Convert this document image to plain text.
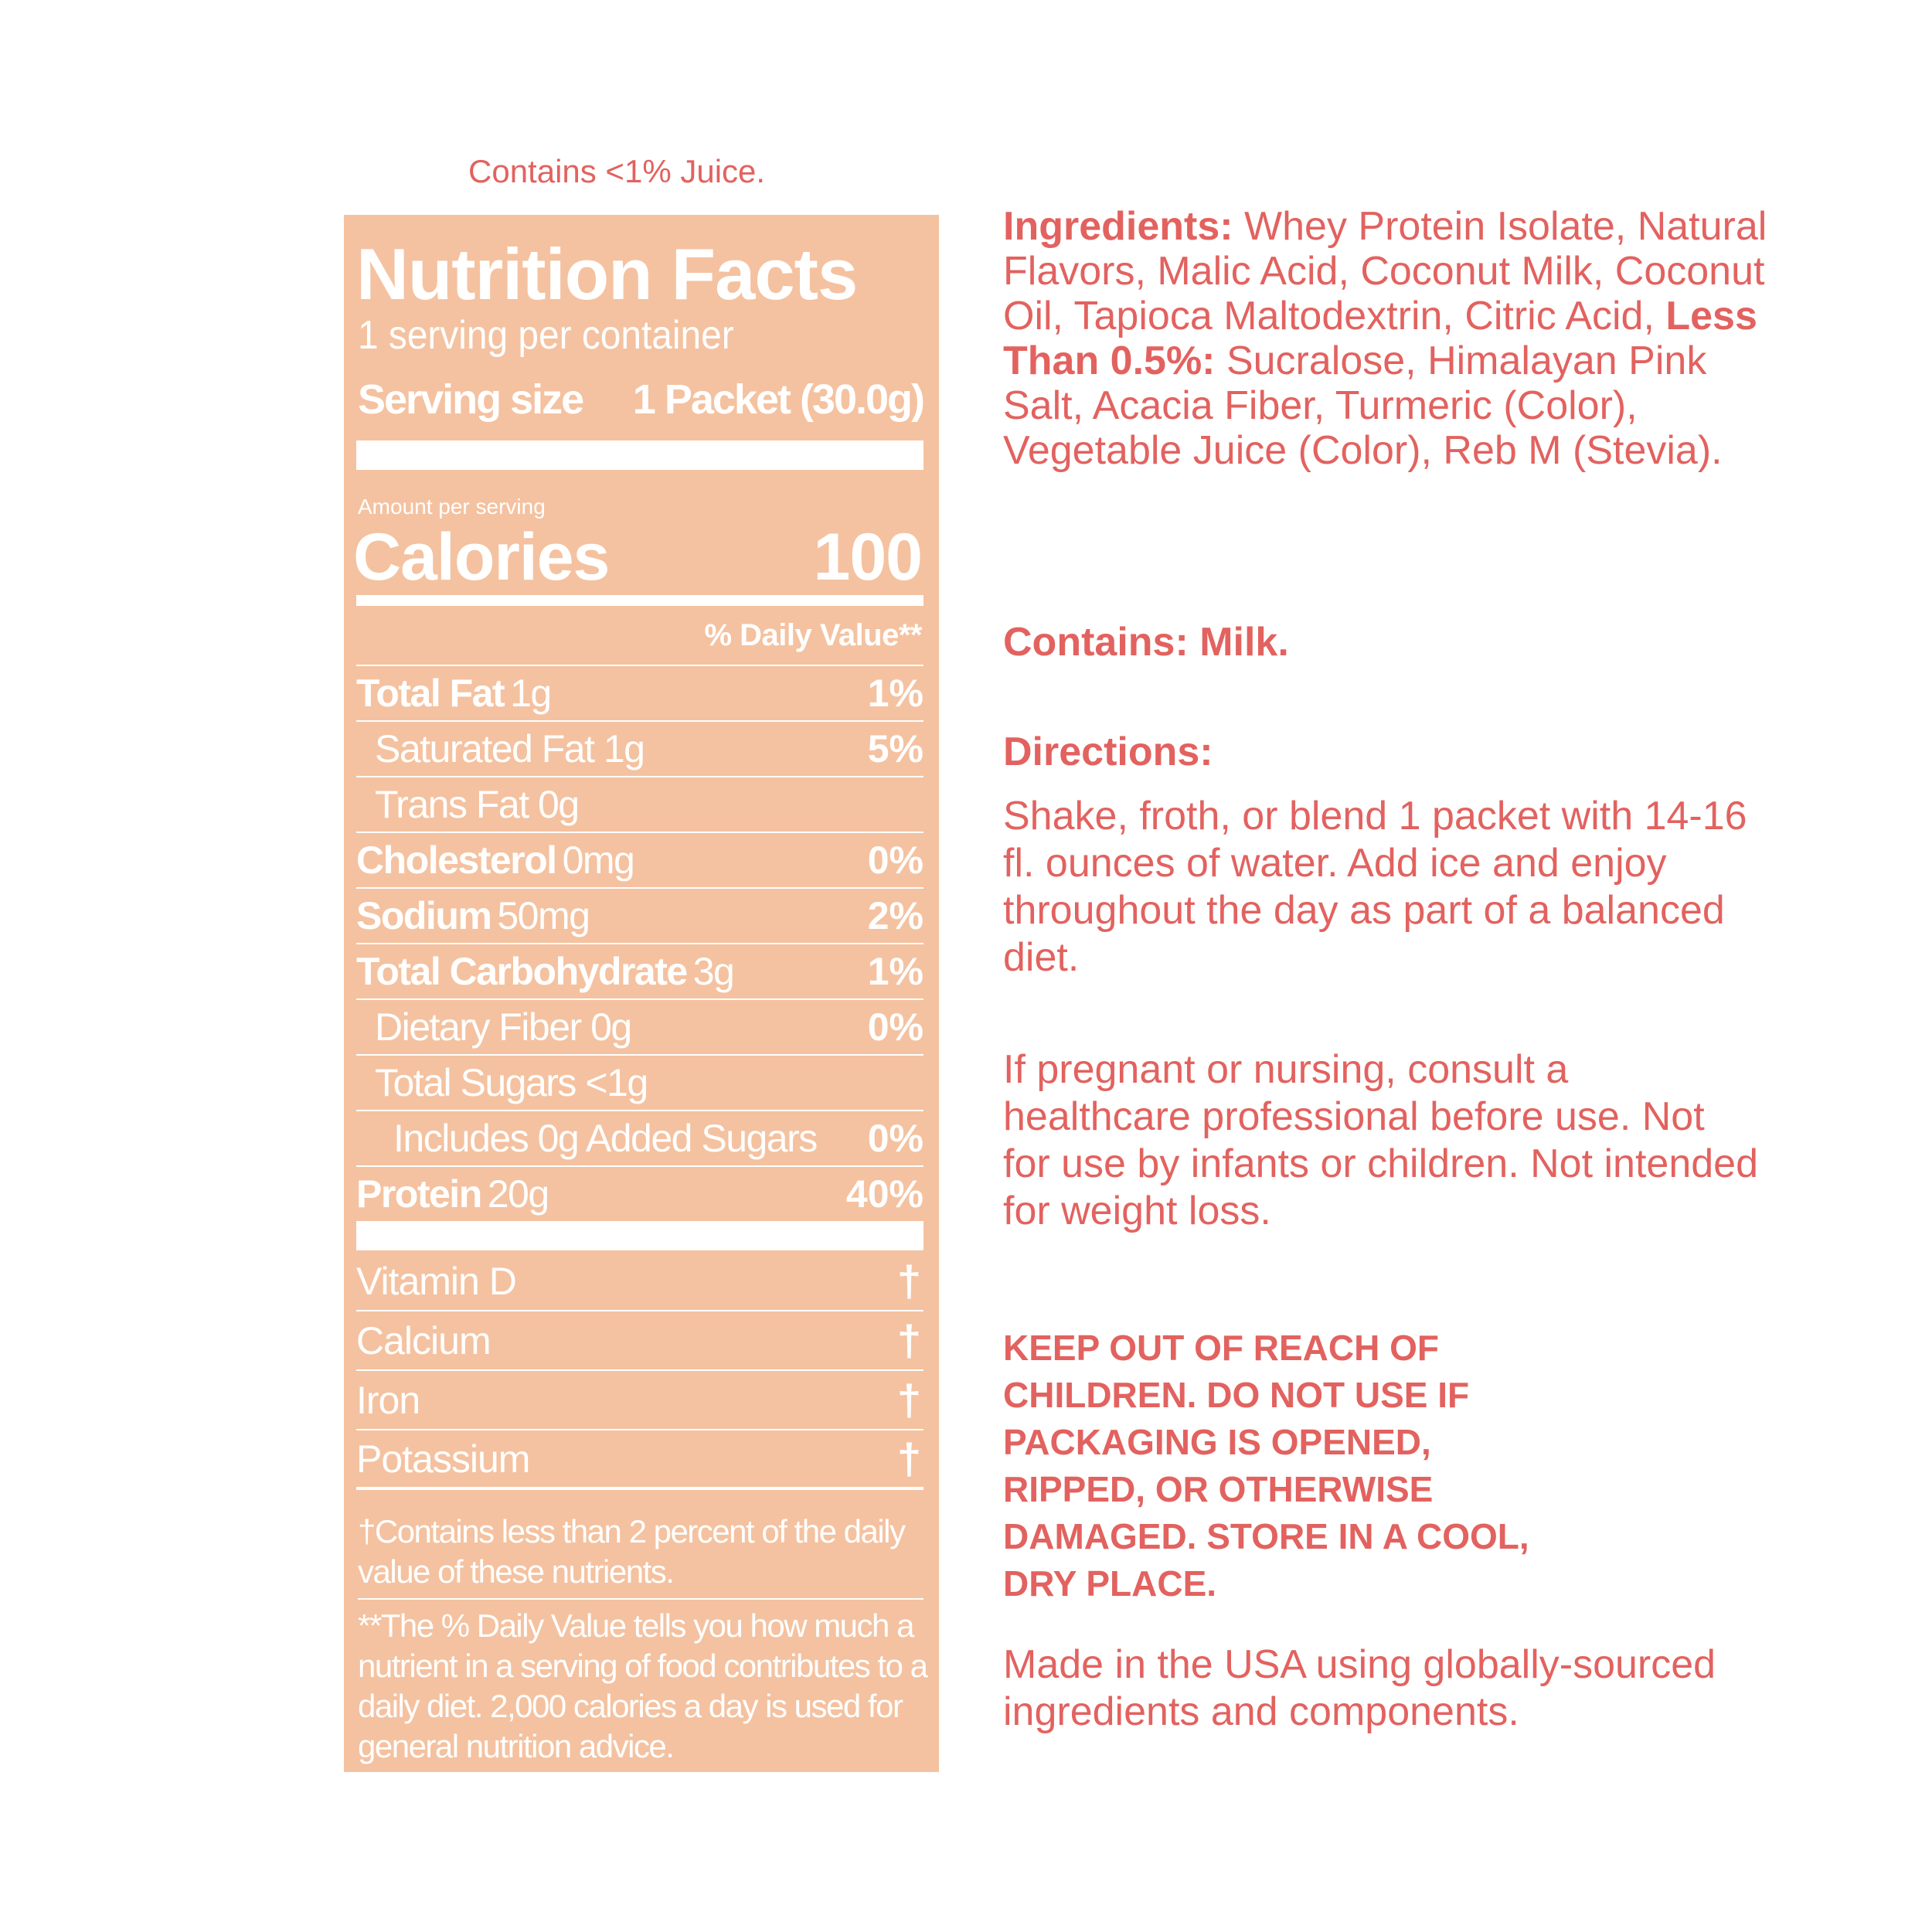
Contains <1% Juice.
Nutrition Facts
1 serving per container
Serving size 1 Packet (30.0g)
Amount per serving
Calories	100
% Daily Value**
Total Fat 1g	1%
Saturated Fat 1g	5%
Trans Fat 0g
Cholesterol 0mg	0%
Sodium 50mg	2%
Total Carbohydrate 3g	1%
Dietary Fiber 0g	0%
Total Sugars <1g
Includes 0g Added Sugars 0%
Protein 20g	40%
Vitamin D	†
Calcium	†
Iron	†
Potassium	†
†Contains less than 2 percent of the daily value of these nutrients.
**The % Daily Value tells you how much a nutrient in a serving of food contributes to a daily diet. 2,000 calories a day is used for general nutrition advice.

Ingredients: Whey Protein Isolate, Natural Flavors, Malic Acid, Coconut Milk, Coconut Oil, Tapioca Maltodextrin, Citric Acid, Less Than 0.5%: Sucralose, Himalayan Pink Salt, Acacia Fiber, Turmeric (Color), Vegetable Juice (Color), Reb M (Stevia).

Contains: Milk.

Directions:

Shake, froth, or blend 1 packet with 14-16 fl. ounces of water. Add ice and enjoy throughout the day as part of a balanced diet.

If pregnant or nursing, consult a healthcare professional before use. Not for use by infants or children. Not intended for weight loss.

KEEP OUT OF REACH OF CHILDREN. DO NOT USE IF PACKAGING IS OPENED, RIPPED, OR OTHERWISE DAMAGED. STORE IN A COOL, DRY PLACE.

Made in the USA using globally-sourced ingredients and components.
